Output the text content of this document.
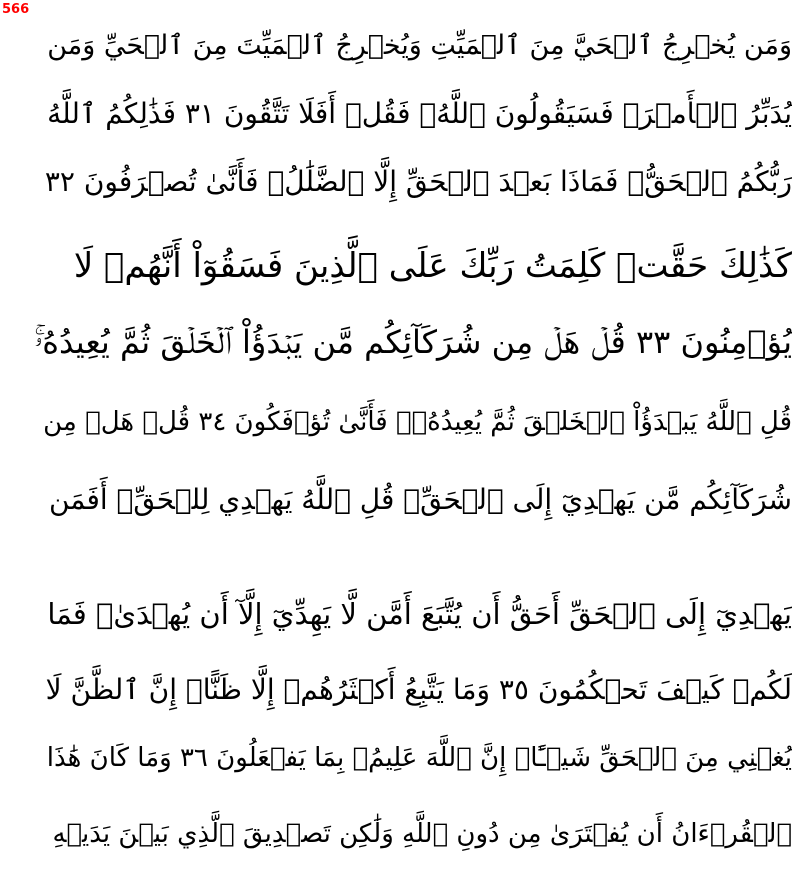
566
وَمَن يُخۡرِجُ ٱلۡحَيَّ مِنَ ٱلۡمَيِّتِ وَيُخۡرِجُ ٱلۡمَيِّتَ مِنَ ٱلۡحَيِّ وَمَن
يُدَبِّرُ ٱلۡأَمۡرَۚ فَسَيَقُولُونَ ٱللَّهُۚ فَقُلۡ أَفَلَا تَتَّقُونَ ٣١ فَذَٰلِكُمُ ٱللَّهُ
رَبُّكُمُ ٱلۡحَقُّۖ فَمَاذَا بَعۡدَ ٱلۡحَقِّ إِلَّا ٱلضَّلَٰلُۖ فَأَنَّىٰ تُصۡرَفُونَ ٣٢
كَذَٰلِكَ حَقَّتۡ كَلِمَتُ رَبِّكَ عَلَى ٱلَّذِينَ فَسَقُوٓاْ أَنَّهُمۡ لَا
يُؤۡمِنُونَ ٣٣ قُلۡ هَلۡ مِن شُرَكَآئِكُم مَّن يَبۡدَؤُاْ ٱلۡخَلۡقَ ثُمَّ يُعِيدُهُۥۚ
قُلِ ٱللَّهُ يَبۡدَؤُاْ ٱلۡخَلۡقَ ثُمَّ يُعِيدُهُۥۖ فَأَنَّىٰ تُؤۡفَكُونَ ٣٤ قُلۡ هَلۡ مِن
شُرَكَآئِكُم مَّن يَهۡدِيٓ إِلَى ٱلۡحَقِّۚ قُلِ ٱللَّهُ يَهۡدِي لِلۡحَقِّۗ أَفَمَن
يَهۡدِيٓ إِلَى ٱلۡحَقِّ أَحَقُّ أَن يُتَّبَعَ أَمَّن لَّا يَهِدِّيٓ إِلَّآ أَن يُهۡدَىٰۖ فَمَا
لَكُمۡ كَيۡفَ تَحۡكُمُونَ ٣٥ وَمَا يَتَّبِعُ أَكۡثَرُهُمۡ إِلَّا ظَنًّاۚ إِنَّ ٱلظَّنَّ لَا
يُغۡنِي مِنَ ٱلۡحَقِّ شَيۡـًٔاۚ إِنَّ ٱللَّهَ عَلِيمُۢ بِمَا يَفۡعَلُونَ ٣٦ وَمَا كَانَ هَٰذَا
ٱلۡقُرۡءَانُ أَن يُفۡتَرَىٰ مِن دُونِ ٱللَّهِ وَلَٰكِن تَصۡدِيقَ ٱلَّذِي بَيۡنَ يَدَيۡهِ
